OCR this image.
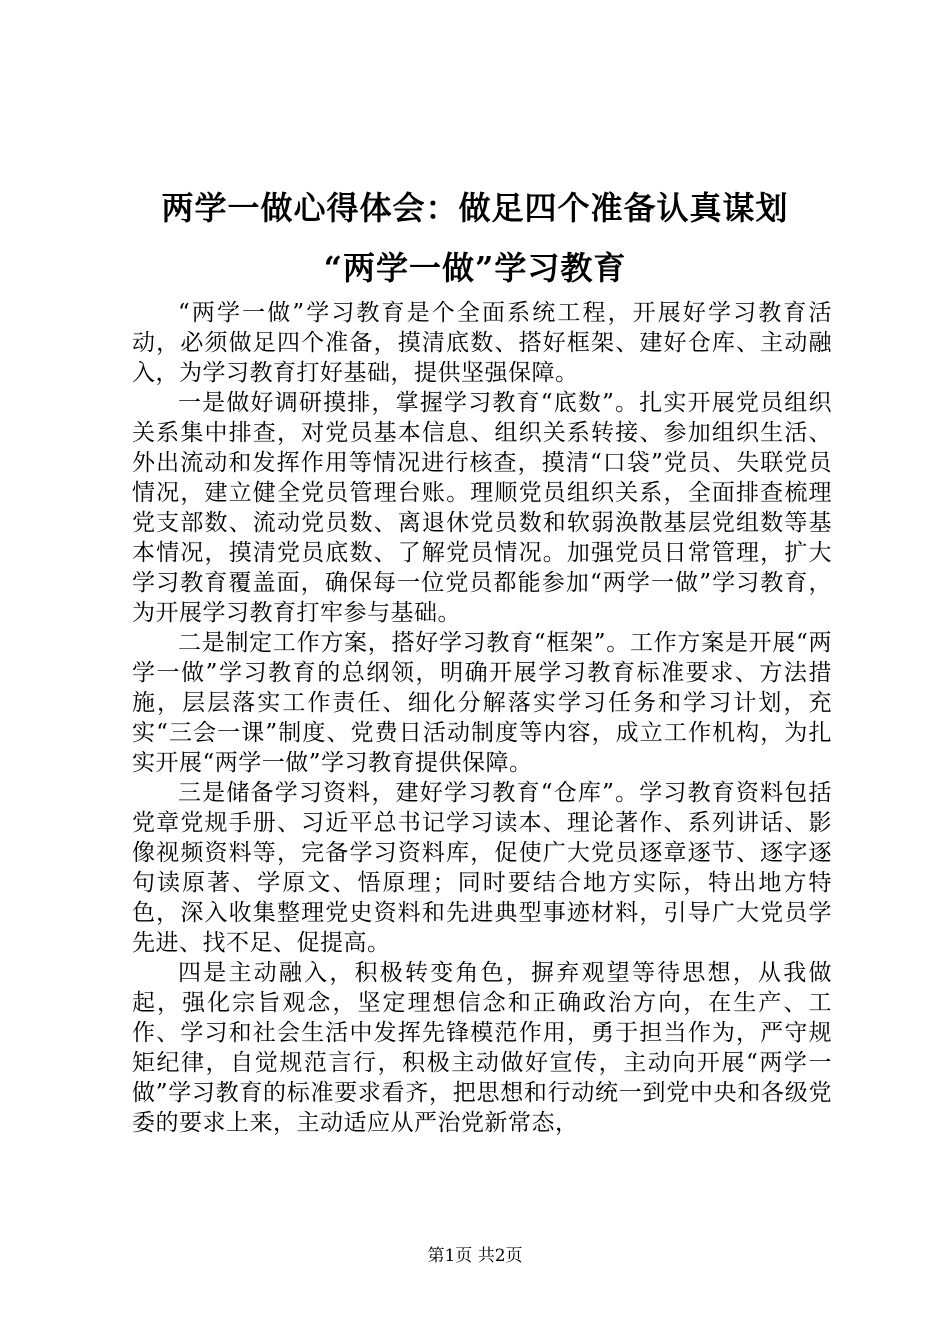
两学一做心得体会：做足四个准备认真谋划
“两学一做”学习教育

“两学一做”学习教育是个全面系统工程，开展好学习教育活动，必须做足四个准备，摸清底数、搭好框架、建好仓库、主动融入，为学习教育打好基础，提供坚强保障。

一是做好调研摸排，掌握学习教育“底数”。扎实开展党员组织关系集中排查，对党员基本信息、组织关系转接、参加组织生活、外出流动和发挥作用等情况进行核查，摸清“口袋”党员、失联党员情况，建立健全党员管理台账。理顺党员组织关系，全面排查梳理党支部数、流动党员数、离退休党员数和软弱涣散基层党组数等基本情况，摸清党员底数、了解党员情况。加强党员日常管理，扩大学习教育覆盖面，确保每一位党员都能参加“两学一做”学习教育，为开展学习教育打牢参与基础。

二是制定工作方案，搭好学习教育“框架”。工作方案是开展“两学一做”学习教育的总纲领，明确开展学习教育标准要求、方法措施，层层落实工作责任、细化分解落实学习任务和学习计划，充实“三会一课”制度、党费日活动制度等内容，成立工作机构，为扎实开展“两学一做”学习教育提供保障。

三是储备学习资料，建好学习教育“仓库”。学习教育资料包括党章党规手册、习近平总书记学习读本、理论著作、系列讲话、影像视频资料等，完备学习资料库，促使广大党员逐章逐节、逐字逐句读原著、学原文、悟原理；同时要结合地方实际，特出地方特色，深入收集整理党史资料和先进典型事迹材料，引导广大党员学先进、找不足、促提高。

四是主动融入，积极转变角色，摒弃观望等待思想，从我做起，强化宗旨观念，坚定理想信念和正确政治方向，在生产、工作、学习和社会生活中发挥先锋模范作用，勇于担当作为，严守规矩纪律，自觉规范言行，积极主动做好宣传，主动向开展“两学一做”学习教育的标准要求看齐，把思想和行动统一到党中央和各级党委的要求上来，主动适应从严治党新常态，

第1页 共2页
